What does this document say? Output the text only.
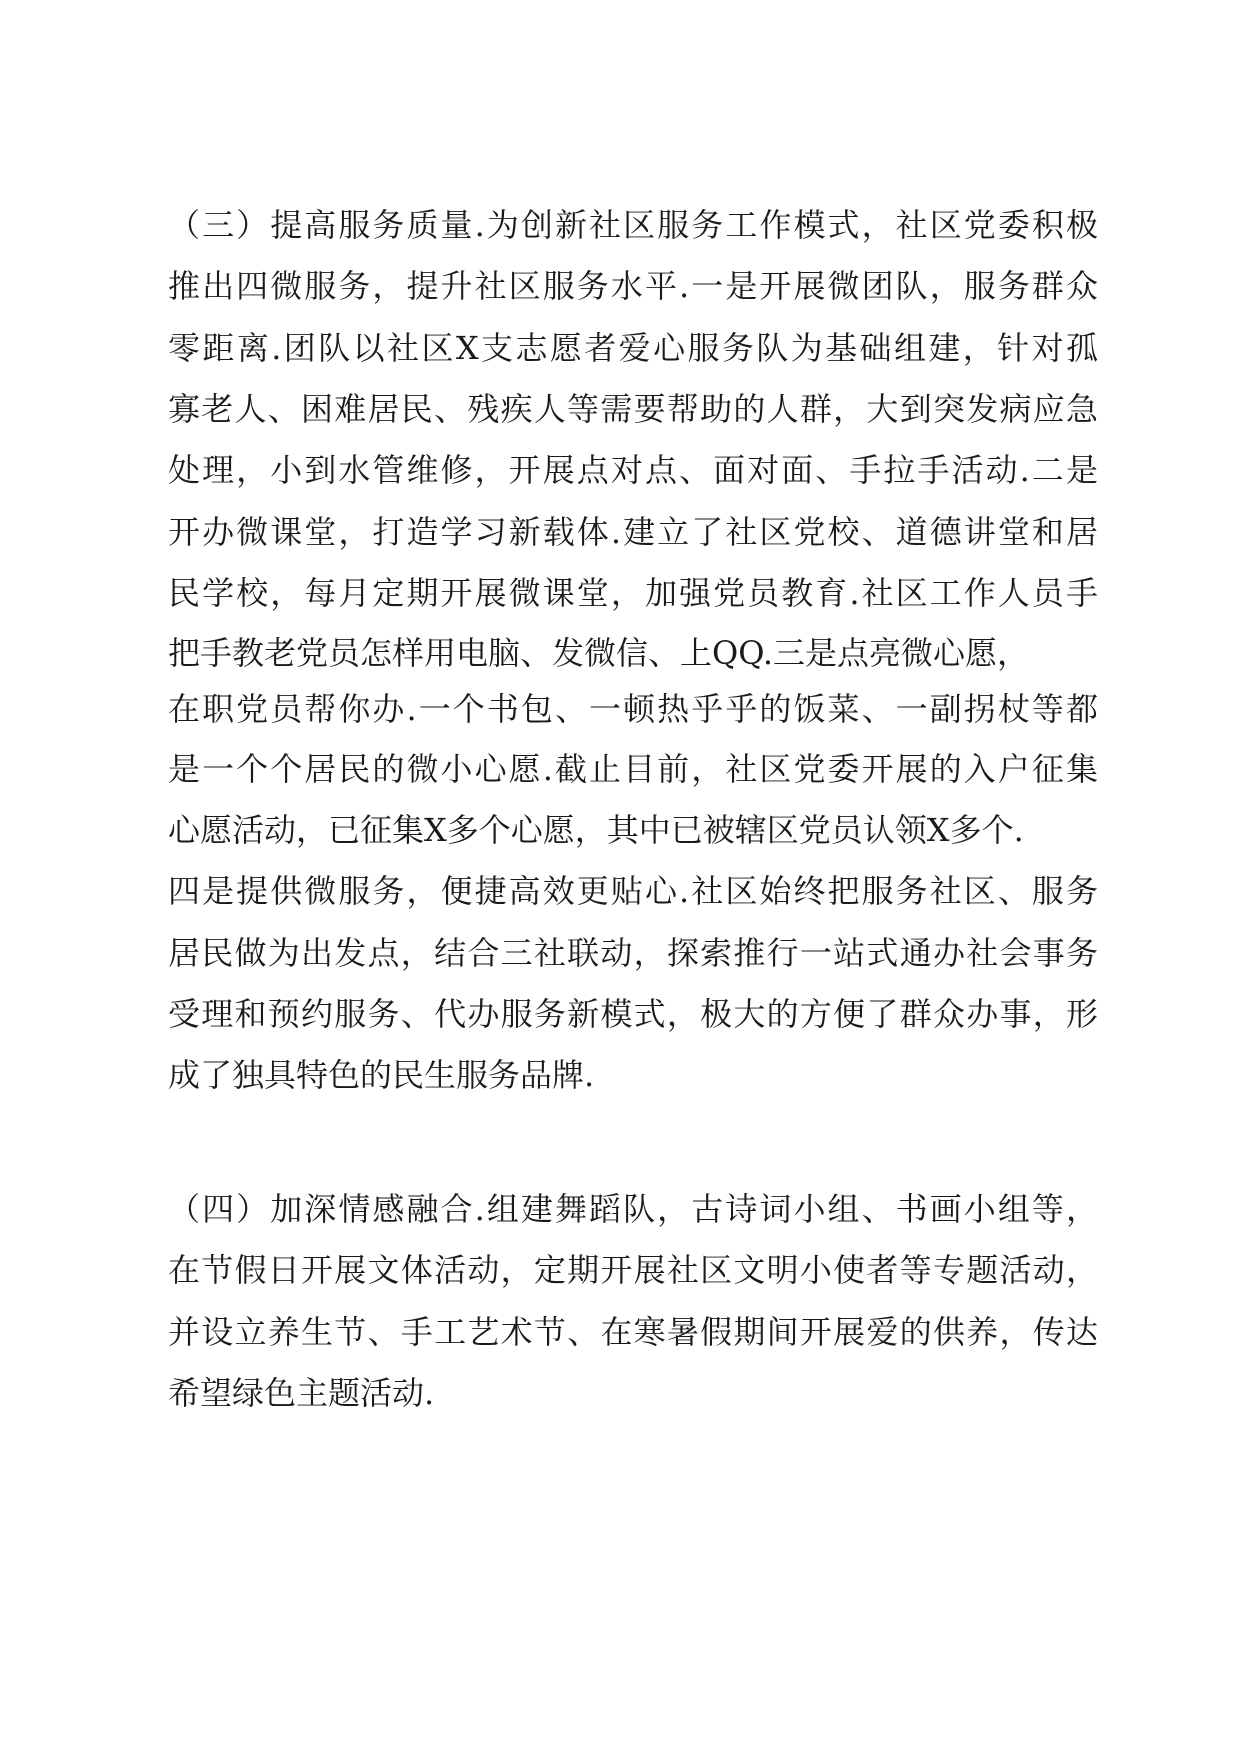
（三）提高服务质量.为创新社区服务工作模式，社区党委积极
推出四微服务，提升社区服务水平.一是开展微团队，服务群众
零距离.团队以社区X支志愿者爱心服务队为基础组建，针对孤
寡老人、困难居民、残疾人等需要帮助的人群，大到突发病应急
处理，小到水管维修，开展点对点、面对面、手拉手活动.二是
开办微课堂，打造学习新载体.建立了社区党校、道德讲堂和居
民学校，每月定期开展微课堂，加强党员教育.社区工作人员手
把手教老党员怎样用电脑、发微信、上QQ.三是点亮微心愿，
在职党员帮你办.一个书包、一顿热乎乎的饭菜、一副拐杖等都
是一个个居民的微小心愿.截止目前，社区党委开展的入户征集
心愿活动，已征集X多个心愿，其中已被辖区党员认领X多个.
四是提供微服务，便捷高效更贴心.社区始终把服务社区、服务
居民做为出发点，结合三社联动，探索推行一站式通办社会事务
受理和预约服务、代办服务新模式，极大的方便了群众办事，形
成了独具特色的民生服务品牌.
（四）加深情感融合.组建舞蹈队，古诗词小组、书画小组等，
在节假日开展文体活动，定期开展社区文明小使者等专题活动，
并设立养生节、手工艺术节、在寒暑假期间开展爱的供养，传达
希望绿色主题活动.
